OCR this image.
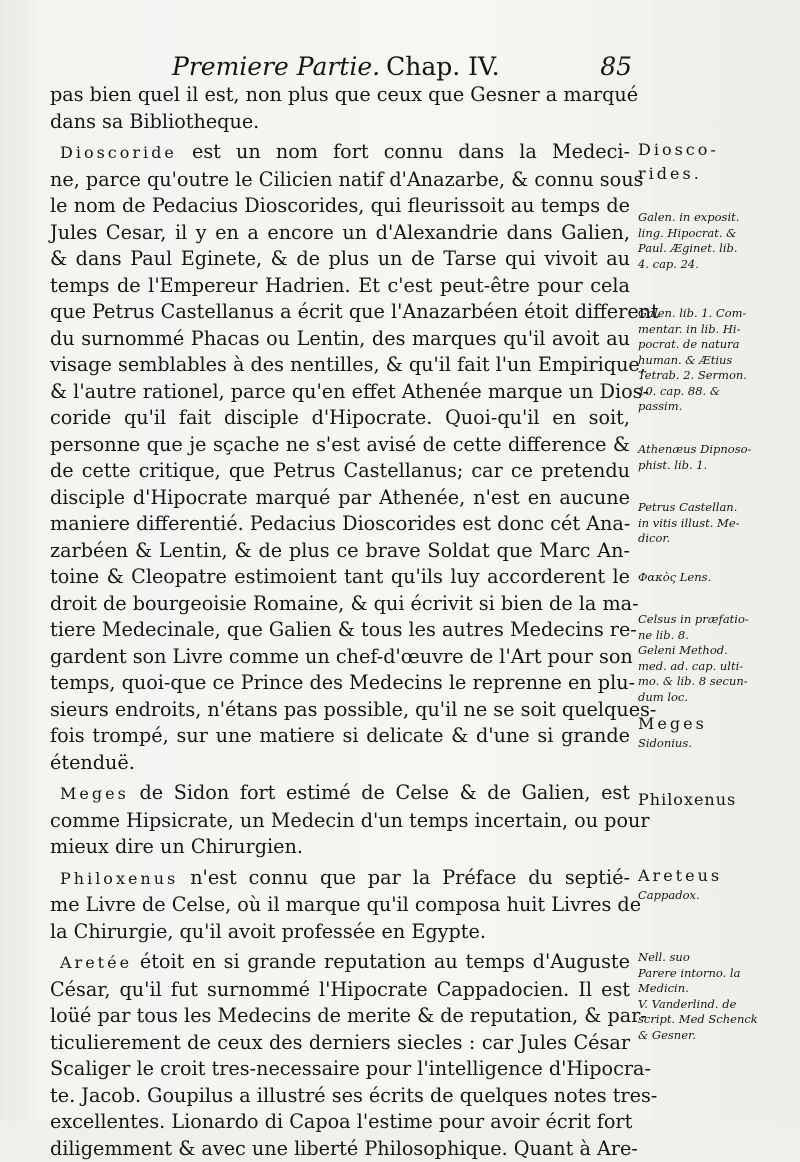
Premiere Partie. Chap. IV.	85

pas bien quel il est, non plus que ceux que Gesner a marqué
dans sa Bibliotheque.

Dioscoride est un nom fort connu dans la Medeci-
ne, parce qu'outre le Cilicien natif d'Anazarbe, & connu sous
le nom de Pedacius Dioscorides, qui fleurissoit au temps de
Jules Cesar, il y en a encore un d'Alexandrie dans Galien,
& dans Paul Eginete, & de plus un de Tarse qui vivoit au
temps de l'Empereur Hadrien. Et c'est peut-être pour cela
que Petrus Castellanus a écrit que l'Anazarbéen étoit different
du surnommé Phacas ou Lentin, des marques qu'il avoit au
visage semblables à des nentilles, & qu'il fait l'un Empirique,
& l'autre rationel, parce qu'en effet Athenée marque un Dios-
coride qu'il fait disciple d'Hipocrate. Quoi-qu'il en soit,
personne que je sçache ne s'est avisé de cette difference &
de cette critique, que Petrus Castellanus; car ce pretendu
disciple d'Hipocrate marqué par Athenée, n'est en aucune
maniere differentié. Pedacius Dioscorides est donc cét Ana-
zarbéen & Lentin, & de plus ce brave Soldat que Marc An-
toine & Cleopatre estimoient tant qu'ils luy accorderent le
droit de bourgeoisie Romaine, & qui écrivit si bien de la ma-
tiere Medecinale, que Galien & tous les autres Medecins re-
gardent son Livre comme un chef-d'œuvre de l'Art pour son
temps, quoi-que ce Prince des Medecins le reprenne en plu-
sieurs endroits, n'étans pas possible, qu'il ne se soit quelques-
fois trompé, sur une matiere si delicate & d'une si grande
étenduë.

Meges de Sidon fort estimé de Celse & de Galien, est
comme Hipsicrate, un Medecin d'un temps incertain, ou pour
mieux dire un Chirurgien.

Philoxenus n'est connu que par la Préface du septié-
me Livre de Celse, où il marque qu'il composa huit Livres de
la Chirurgie, qu'il avoit professée en Egypte.

Aretée étoit en si grande reputation au temps d'Auguste
César, qu'il fut surnommé l'Hipocrate Cappadocien. Il est
loüé par tous les Medecins de merite & de reputation, & par-
ticulierement de ceux des derniers siecles : car Jules César
Scaliger le croit tres-necessaire pour l'intelligence d'Hipocra-
te. Jacob. Goupilus a illustré ses écrits de quelques notes tres-
excellentes. Lionardo di Capoa l'estime pour avoir écrit fort
diligemment & avec une liberté Philosophique. Quant à Are-

Diosco-
rides.
Galen. in exposit.
ling. Hipocrat. &
Paul. Æginet. lib.
4. cap. 24.
Galen. lib. 1. Com-
mentar. in lib. Hi-
pocrat. de natura
human. & Ætius
Tetrab. 2. Sermon.
10. cap. 88. &
passim.
Athenæus Dipnoso-
phist. lib. 1.
Petrus Castellan.
in vitis illust. Me-
dicor.
Φακὸς Lens.
Celsus in præfatio-
ne lib. 8.
Geleni Method.
med. ad. cap. ulti-
mo. & lib. 8 secun-
dum loc.
Meges
Sidonius.
Philoxenus
Areteus
Cappadox.
Nell. suo
Parere intorno. la
Medicin.
V. Vanderlind. de
script. Med Schenck
& Gesner.
